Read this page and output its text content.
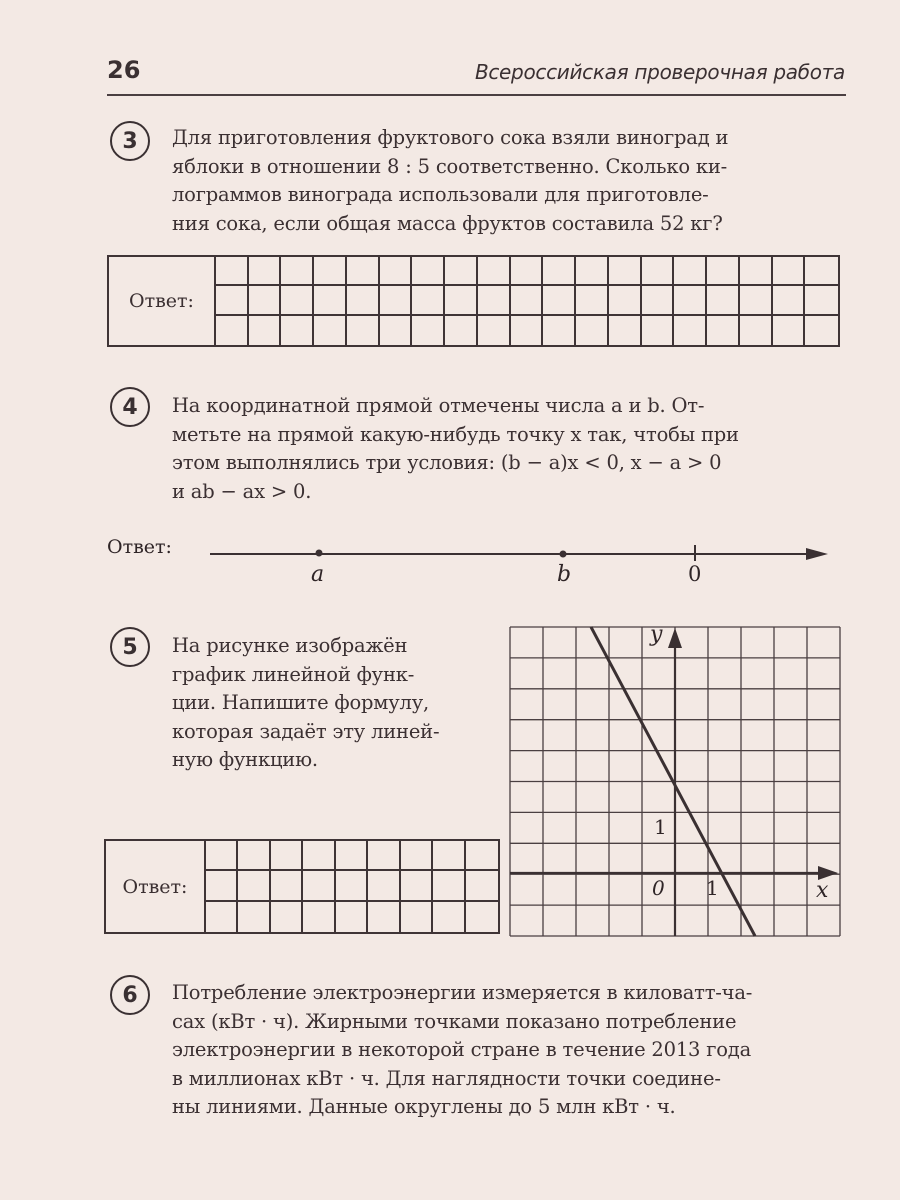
26	Всероссийская проверочная работа
3 Для приготовления фруктового сока взяли виноград и
яблоки в отношении 8 : 5 соответственно. Сколько ки-
лограммов винограда использовали для приготовле-
ния сока, если общая масса фруктов составила 52 кг?
Ответ:
4 На координатной прямой отмечены числа a и b. От-
метьте на прямой какую-нибудь точку x так, чтобы при
этом выполнялись три условия: (b − a)x < 0, x − a > 0
и ab − ax > 0.
Ответ:
a	b	0
5 На рисунке изображён
график линейной функ-
ции. Напишите формулу,
которая задаёт эту линей-
ную функцию.
Ответ:
y
x
0 1
1
6 Потребление электроэнергии измеряется в киловатт-ча-
сах (кВт · ч). Жирными точками показано потребление
электроэнергии в некоторой стране в течение 2013 года
в миллионах кВт · ч. Для наглядности точки соедине-
ны линиями. Данные округлены до 5 млн кВт · ч.
